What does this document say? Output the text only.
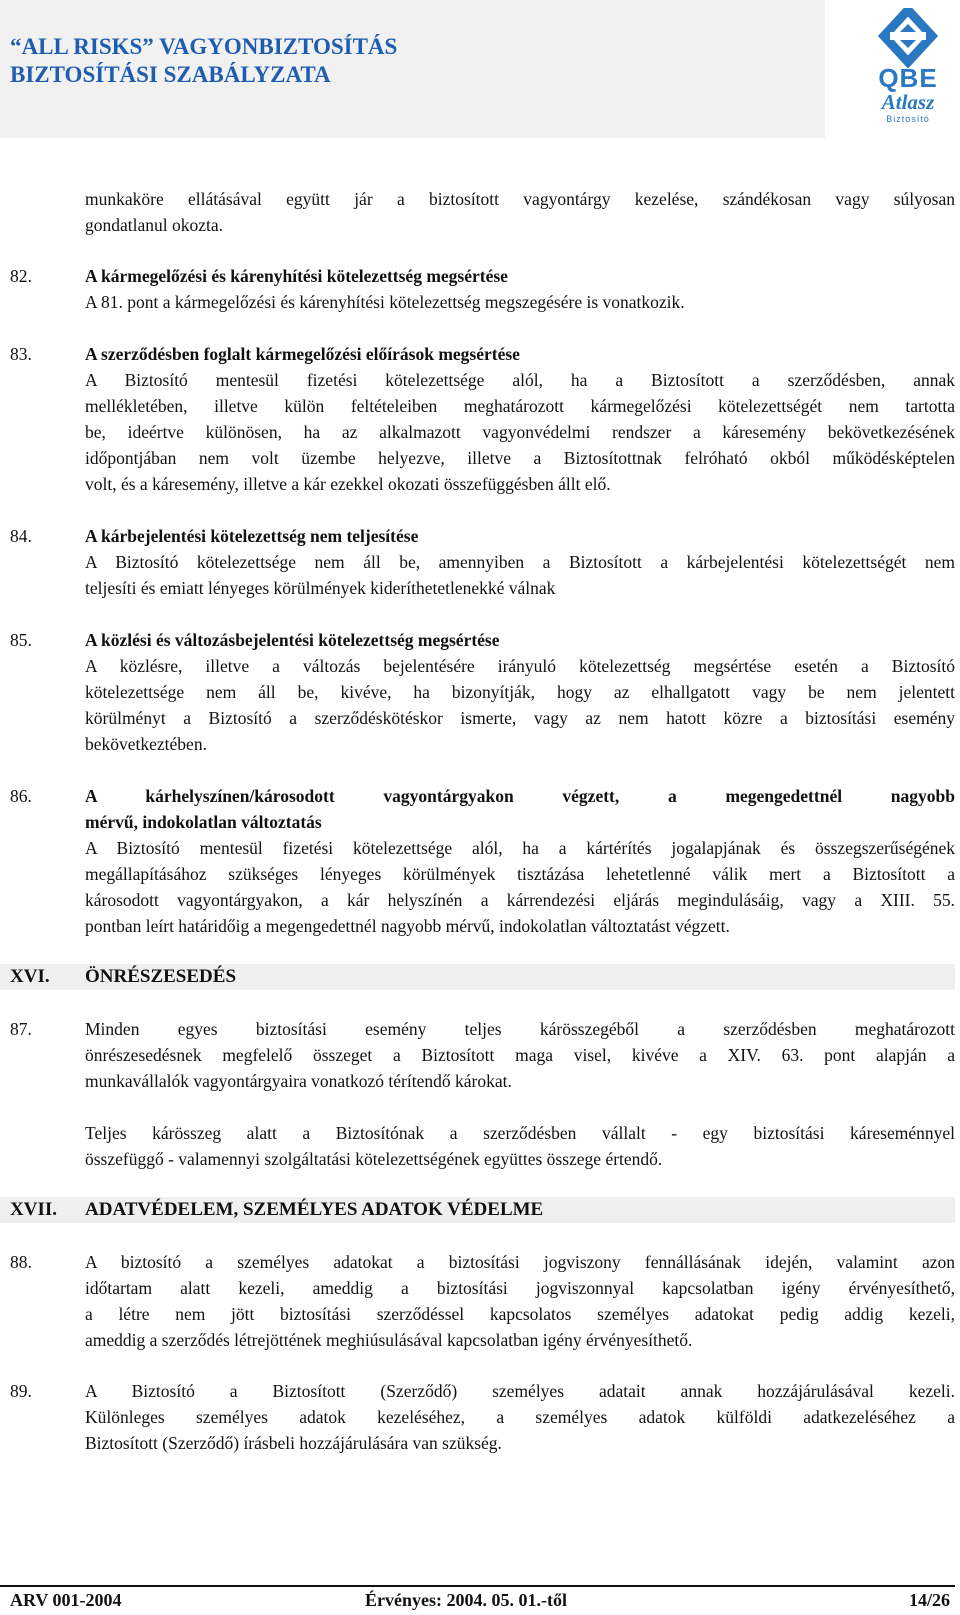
“ALL RISKS” VAGYONBIZTOSÍTÁS
BIZTOSÍTÁSI SZABÁLYZATA	QBE
Atlasz
Biztosító
munkaköre ellátásával együtt jár a biztosított vagyontárgy kezelése, szándékosan vagy súlyosan
gondatlanul okozta.
82.	A kármegelőzési és kárenyhítési kötelezettség megsértése
A 81. pont a kármegelőzési és kárenyhítési kötelezettség megszegésére is vonatkozik.
83.	A szerződésben foglalt kármegelőzési előírások megsértése
A Biztosító mentesül fizetési kötelezettsége alól, ha a Biztosított a szerződésben, annak
mellékletében, illetve külön feltételeiben meghatározott kármegelőzési kötelezettségét nem tartotta
be, ideértve különösen, ha az alkalmazott vagyonvédelmi rendszer a káresemény bekövetkezésének
időpontjában nem volt üzembe helyezve, illetve a Biztosítottnak felróható okból működésképtelen
volt, és a káresemény, illetve a kár ezekkel okozati összefüggésben állt elő.
84.	A kárbejelentési kötelezettség nem teljesítése
A Biztosító kötelezettsége nem áll be, amennyiben a Biztosított a kárbejelentési kötelezettségét nem
teljesíti és emiatt lényeges körülmények kideríthetetlenekké válnak
85.	A közlési és változásbejelentési kötelezettség megsértése
A közlésre, illetve a változás bejelentésére irányuló kötelezettség megsértése esetén a Biztosító
kötelezettsége nem áll be, kivéve, ha bizonyítják, hogy az elhallgatott vagy be nem jelentett
körülményt a Biztosító a szerződéskötéskor ismerte, vagy az nem hatott közre a biztosítási esemény
bekövetkeztében.
86.	A kárhelyszínen/károsodott vagyontárgyakon végzett, a megengedettnél nagyobb
mérvű, indokolatlan változtatás
A Biztosító mentesül fizetési kötelezettsége alól, ha a kártérítés jogalapjának és összegszerűségének
megállapításához szükséges lényeges körülmények tisztázása lehetetlenné válik mert a Biztosított a
károsodott vagyontárgyakon, a kár helyszínén a kárrendezési eljárás megindulásáig, vagy a XIII. 55.
pontban leírt határidőig a megengedettnél nagyobb mérvű, indokolatlan változtatást végzett.
XVI. ÖNRÉSZESEDÉS
87.	Minden egyes biztosítási esemény teljes kárösszegéből a szerződésben meghatározott
önrészesedésnek megfelelő összeget a Biztosított maga visel, kivéve a XIV. 63. pont alapján a
munkavállalók vagyontárgyaira vonatkozó térítendő károkat.
Teljes kárösszeg alatt a Biztosítónak a szerződésben vállalt - egy biztosítási káreseménnyel
összefüggő - valamennyi szolgáltatási kötelezettségének együttes összege értendő.
XVII. ADATVÉDELEM, SZEMÉLYES ADATOK VÉDELME
88.	A biztosító a személyes adatokat a biztosítási jogviszony fennállásának idején, valamint azon
időtartam alatt kezeli, ameddig a biztosítási jogviszonnyal kapcsolatban igény érvényesíthető,
a létre nem jött biztosítási szerződéssel kapcsolatos személyes adatokat pedig addig kezeli,
ameddig a szerződés létrejöttének meghiúsulásával kapcsolatban igény érvényesíthető.
89.	A Biztosító a Biztosított (Szerződő) személyes adatait annak hozzájárulásával kezeli.
Különleges személyes adatok kezeléséhez, a személyes adatok külföldi adatkezeléséhez a
Biztosított (Szerződő) írásbeli hozzájárulására van szükség.
ARV 001-2004	Érvényes: 2004. 05. 01.-től	14/26
